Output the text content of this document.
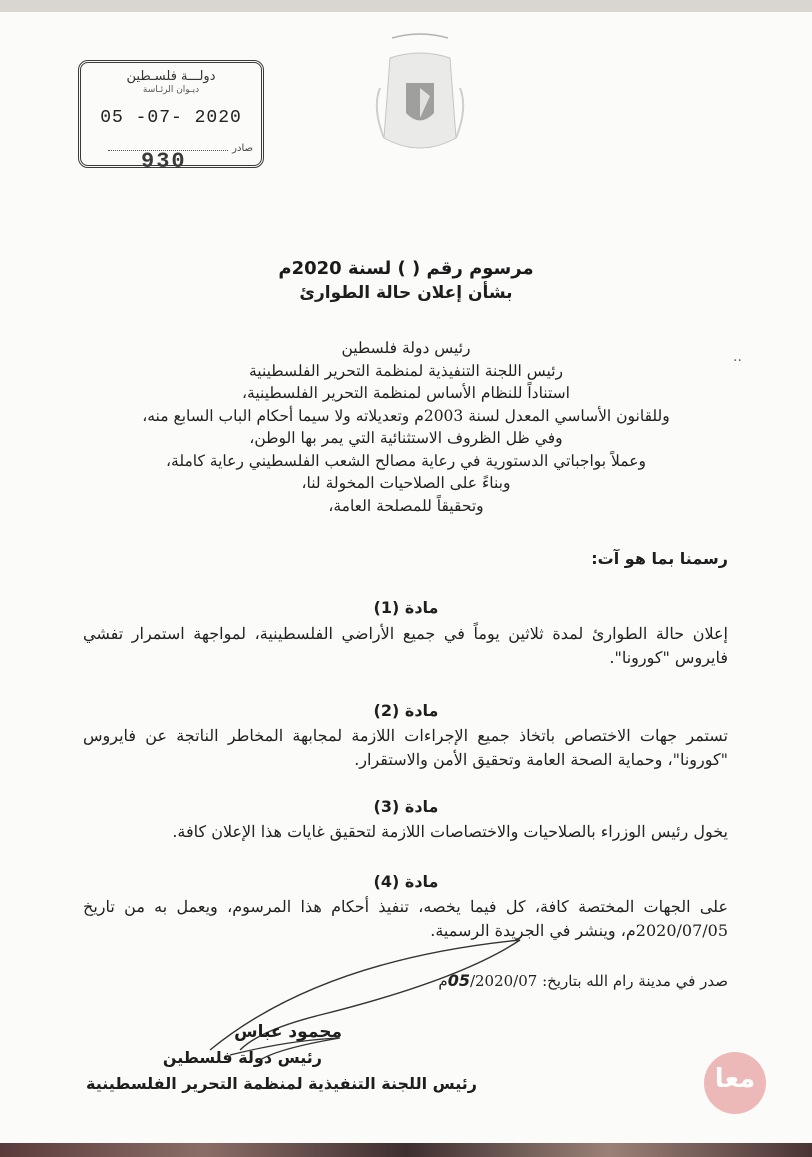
دولـــة فلسـطين
ديـوان الرئـاسة
05 -07- 2020
صادر
930
مرسوم رقم ( ) لسنة 2020م
بشأن إعلان حالة الطوارئ
رئيس دولة فلسطين
رئيس اللجنة التنفيذية لمنظمة التحرير الفلسطينية
استناداً للنظام الأساس لمنظمة التحرير الفلسطينية،
وللقانون الأساسي المعدل لسنة 2003م وتعديلاته ولا سيما أحكام الباب السابع منه،
وفي ظل الظروف الاستثنائية التي يمر بها الوطن،
وعملاً بواجباتي الدستورية في رعاية مصالح الشعب الفلسطيني رعاية كاملة،
وبناءً على الصلاحيات المخولة لنا،
وتحقيقاً للمصلحة العامة،
..
رسمنا بما هو آت:
مادة (1)
إعلان حالة الطوارئ لمدة ثلاثين يوماً في جميع الأراضي الفلسطينية، لمواجهة استمرار تفشي فايروس "كورونا".
مادة (2)
تستمر جهات الاختصاص باتخاذ جميع الإجراءات اللازمة لمجابهة المخاطر الناتجة عن فايروس "كورونا"، وحماية الصحة العامة وتحقيق الأمن والاستقرار.
مادة (3)
يخول رئيس الوزراء بالصلاحيات والاختصاصات اللازمة لتحقيق غايات هذا الإعلان كافة.
مادة (4)
على الجهات المختصة كافة، كل فيما يخصه، تنفيذ أحكام هذا المرسوم، ويعمل به من تاريخ 2020/07/05م، وينشر في الجريدة الرسمية.
صدر في مدينة رام الله بتاريخ: 05/2020/07م
محمود عباس
رئيس دولة فلسطين
رئيس اللجنة التنفيذية لمنظمة التحرير الفلسطينية	معا
